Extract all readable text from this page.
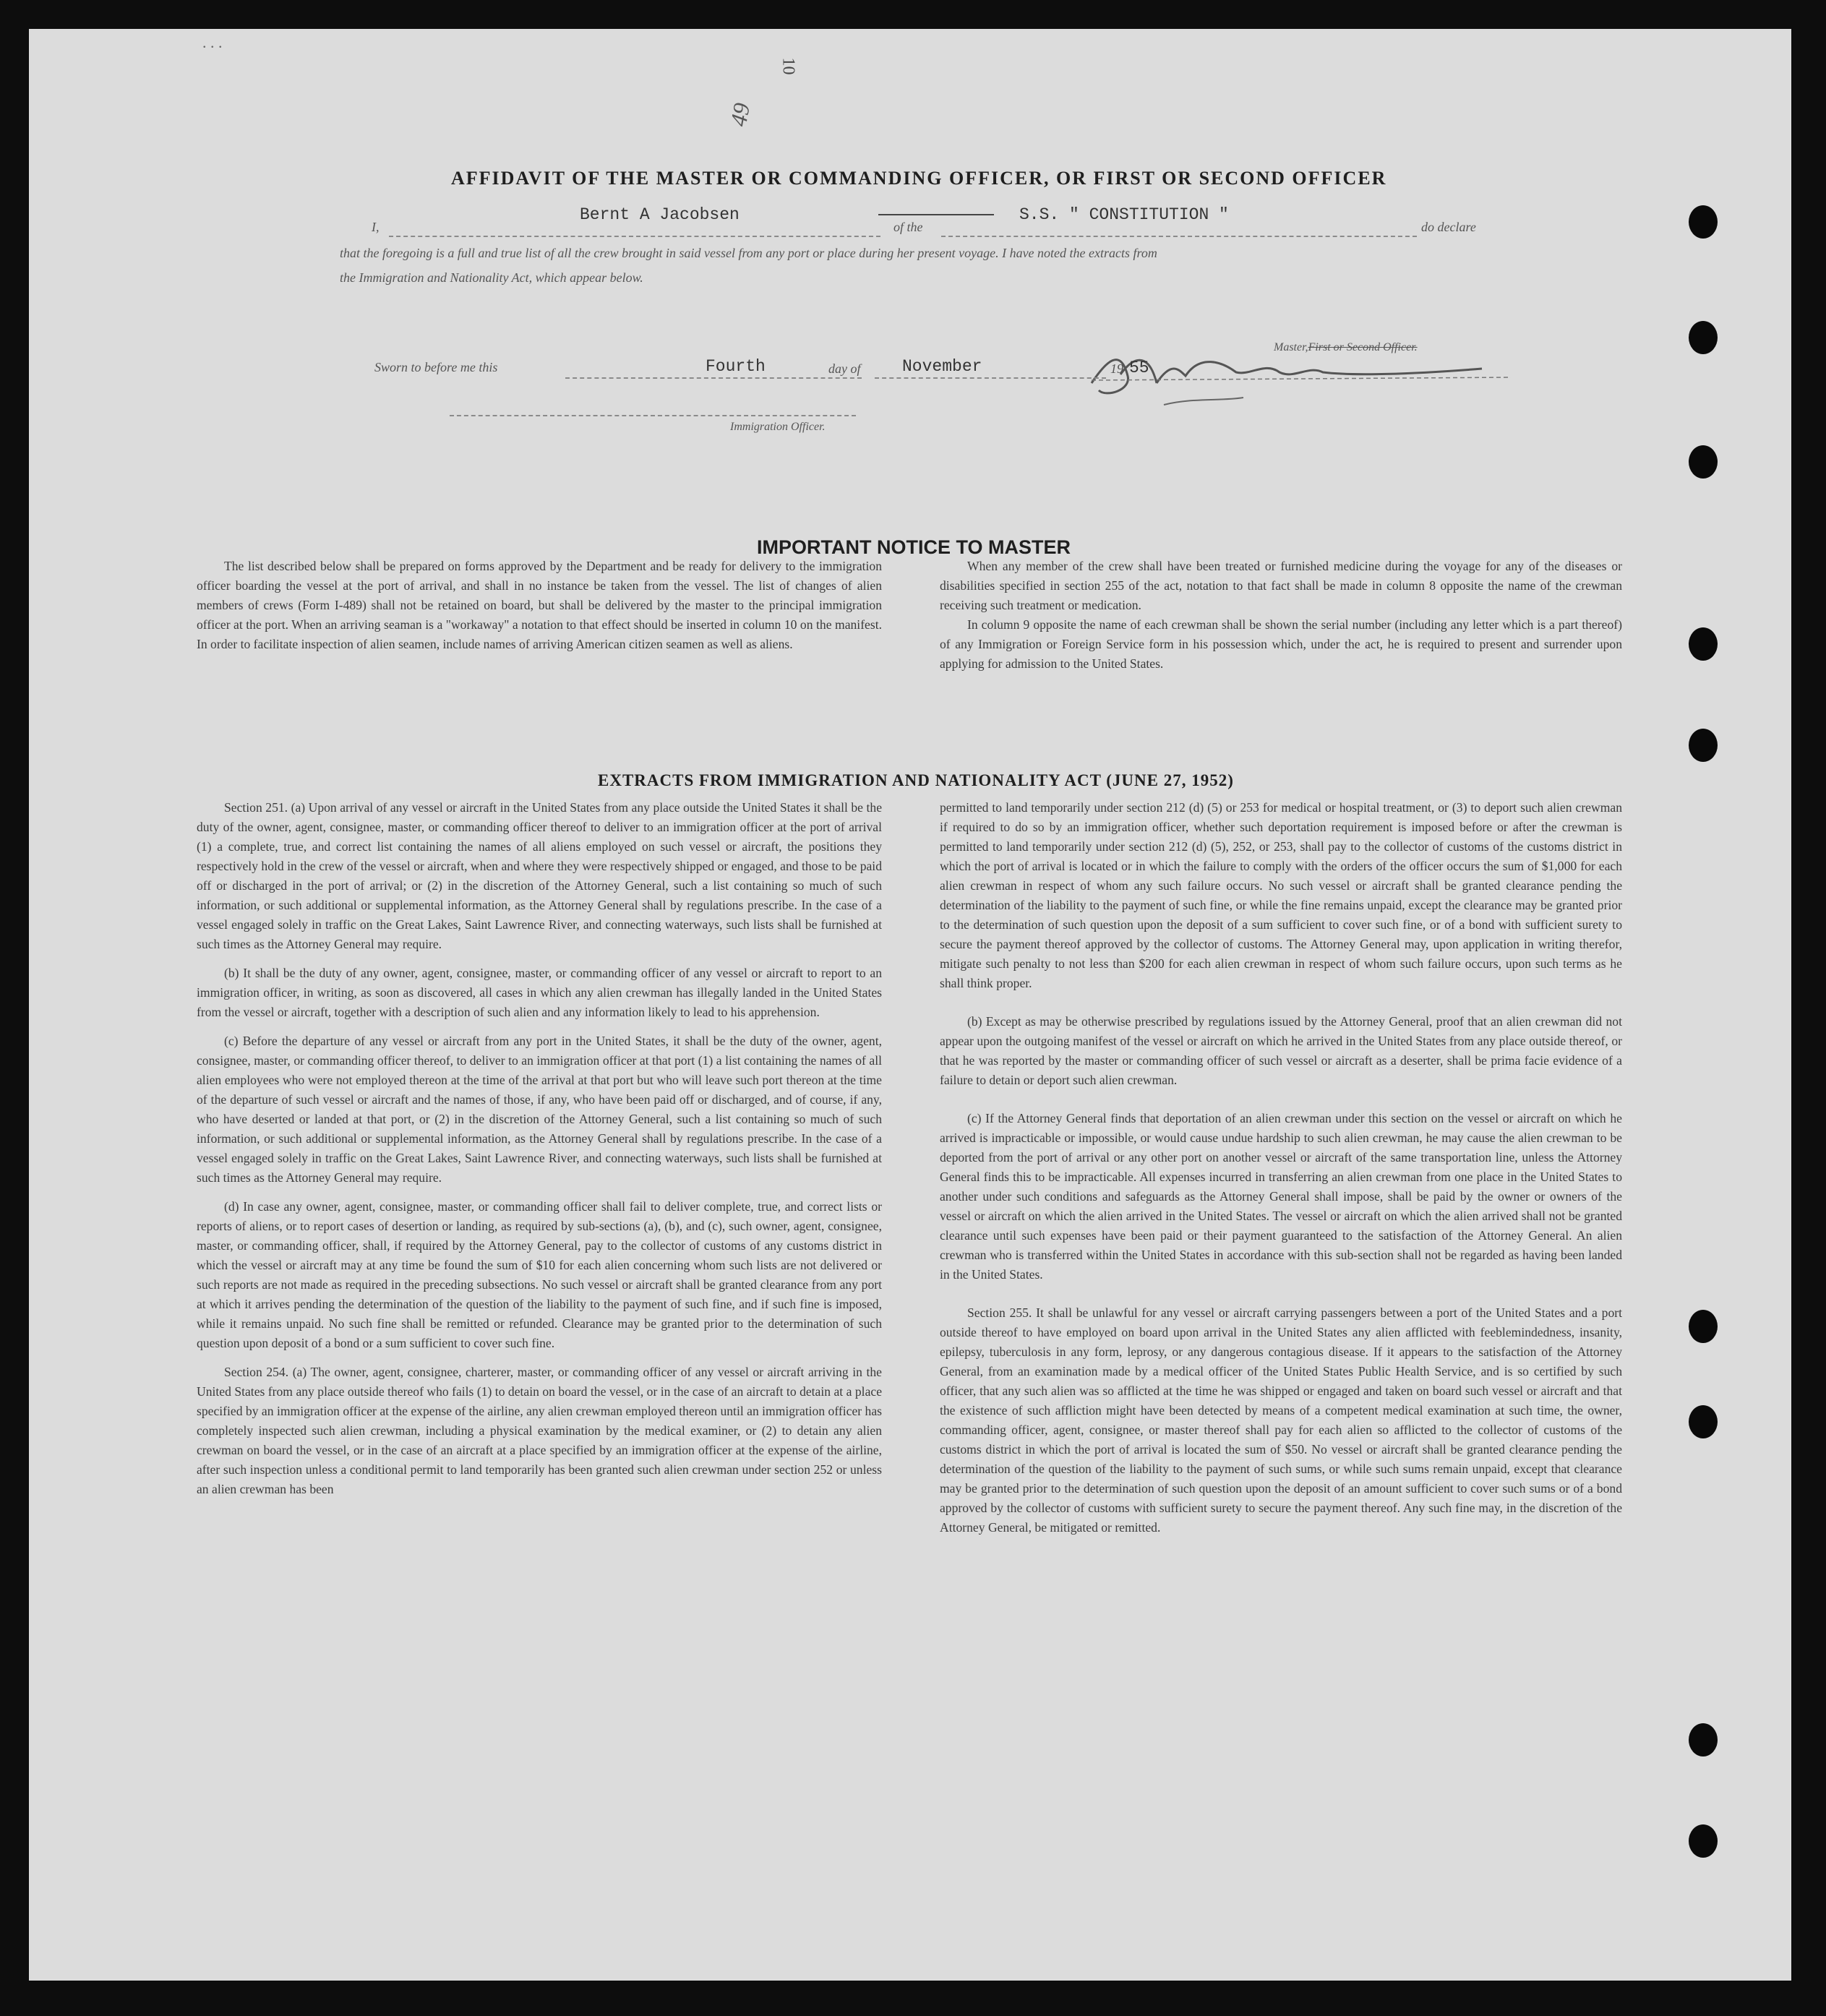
. . .
10
49
AFFIDAVIT OF THE MASTER OR COMMANDING OFFICER, OR FIRST OR SECOND OFFICER
I,
Bernt A Jacobsen
of the
S.S. " CONSTITUTION "
do declare
that the foregoing is a full and true list of all the crew brought in said vessel from any port or place during her present voyage. I have noted the extracts from
the Immigration and Nationality Act, which appear below.
Master,First or Second Officer.
Sworn to before me this	Fourth	day of	November	19 55
Immigration Officer.
IMPORTANT NOTICE TO MASTER

The list described below shall be prepared on forms approved by the Department and be ready for delivery to the immigration officer boarding the vessel at the port of arrival, and shall in no instance be taken from the vessel. The list of changes of alien members of crews (Form I-489) shall not be retained on board, but shall be delivered by the master to the principal immigration officer at the port. When an arriving seaman is a "workaway" a notation to that effect should be inserted in column 10 on the manifest. In order to facilitate inspection of alien seamen, include names of arriving American citizen seamen as well as aliens.

When any member of the crew shall have been treated or furnished medicine during the voyage for any of the diseases or disabilities specified in section 255 of the act, notation to that fact shall be made in column 8 opposite the name of the crewman receiving such treatment or medication.

In column 9 opposite the name of each crewman shall be shown the serial number (including any letter which is a part thereof) of any Immigration or Foreign Service form in his possession which, under the act, he is required to present and surrender upon applying for admission to the United States.

EXTRACTS FROM IMMIGRATION AND NATIONALITY ACT (JUNE 27, 1952)

Section 251. (a) Upon arrival of any vessel or aircraft in the United States from any place outside the United States it shall be the duty of the owner, agent, consignee, master, or commanding officer thereof to deliver to an immigration officer at the port of arrival (1) a complete, true, and correct list containing the names of all aliens employed on such vessel or aircraft, the positions they respectively hold in the crew of the vessel or aircraft, when and where they were respectively shipped or engaged, and those to be paid off or discharged in the port of arrival; or (2) in the discretion of the Attorney General, such a list containing so much of such information, or such additional or supplemental information, as the Attorney General shall by regulations prescribe. In the case of a vessel engaged solely in traffic on the Great Lakes, Saint Lawrence River, and connecting waterways, such lists shall be furnished at such times as the Attorney General may require.

(b) It shall be the duty of any owner, agent, consignee, master, or commanding officer of any vessel or aircraft to report to an immigration officer, in writing, as soon as discovered, all cases in which any alien crewman has illegally landed in the United States from the vessel or aircraft, together with a description of such alien and any information likely to lead to his apprehension.

(c) Before the departure of any vessel or aircraft from any port in the United States, it shall be the duty of the owner, agent, consignee, master, or commanding officer thereof, to deliver to an immigration officer at that port (1) a list containing the names of all alien employees who were not employed thereon at the time of the arrival at that port but who will leave such port thereon at the time of the departure of such vessel or aircraft and the names of those, if any, who have been paid off or discharged, and of course, if any, who have deserted or landed at that port, or (2) in the discretion of the Attorney General, such a list containing so much of such information, or such additional or supplemental information, as the Attorney General shall by regulations prescribe. In the case of a vessel engaged solely in traffic on the Great Lakes, Saint Lawrence River, and connecting waterways, such lists shall be furnished at such times as the Attorney General may require.

(d) In case any owner, agent, consignee, master, or commanding officer shall fail to deliver complete, true, and correct lists or reports of aliens, or to report cases of desertion or landing, as required by sub-sections (a), (b), and (c), such owner, agent, consignee, master, or commanding officer, shall, if required by the Attorney General, pay to the collector of customs of any customs district in which the vessel or aircraft may at any time be found the sum of $10 for each alien concerning whom such lists are not delivered or such reports are not made as required in the preceding subsections. No such vessel or aircraft shall be granted clearance from any port at which it arrives pending the determination of the question of the liability to the payment of such fine, and if such fine is imposed, while it remains unpaid. No such fine shall be remitted or refunded. Clearance may be granted prior to the determination of such question upon deposit of a bond or a sum sufficient to cover such fine.

Section 254. (a) The owner, agent, consignee, charterer, master, or commanding officer of any vessel or aircraft arriving in the United States from any place outside thereof who fails (1) to detain on board the vessel, or in the case of an aircraft to detain at a place specified by an immigration officer at the expense of the airline, any alien crewman employed thereon until an immigration officer has completely inspected such alien crewman, including a physical examination by the medical examiner, or (2) to detain any alien crewman on board the vessel, or in the case of an aircraft at a place specified by an immigration officer at the expense of the airline, after such inspection unless a conditional permit to land temporarily has been granted such alien crewman under section 252 or unless an alien crewman has been

permitted to land temporarily under section 212 (d) (5) or 253 for medical or hospital treatment, or (3) to deport such alien crewman if required to do so by an immigration officer, whether such deportation requirement is imposed before or after the crewman is permitted to land temporarily under section 212 (d) (5), 252, or 253, shall pay to the collector of customs of the customs district in which the port of arrival is located or in which the failure to comply with the orders of the officer occurs the sum of $1,000 for each alien crewman in respect of whom any such failure occurs. No such vessel or aircraft shall be granted clearance pending the determination of the liability to the payment of such fine, or while the fine remains unpaid, except the clearance may be granted prior to the determination of such question upon the deposit of a sum sufficient to cover such fine, or of a bond with sufficient surety to secure the payment thereof approved by the collector of customs. The Attorney General may, upon application in writing therefor, mitigate such penalty to not less than $200 for each alien crewman in respect of whom such failure occurs, upon such terms as he shall think proper.

(b) Except as may be otherwise prescribed by regulations issued by the Attorney General, proof that an alien crewman did not appear upon the outgoing manifest of the vessel or aircraft on which he arrived in the United States from any place outside thereof, or that he was reported by the master or commanding officer of such vessel or aircraft as a deserter, shall be prima facie evidence of a failure to detain or deport such alien crewman.

(c) If the Attorney General finds that deportation of an alien crewman under this section on the vessel or aircraft on which he arrived is impracticable or impossible, or would cause undue hardship to such alien crewman, he may cause the alien crewman to be deported from the port of arrival or any other port on another vessel or aircraft of the same transportation line, unless the Attorney General finds this to be impracticable. All expenses incurred in transferring an alien crewman from one place in the United States to another under such conditions and safeguards as the Attorney General shall impose, shall be paid by the owner or owners of the vessel or aircraft on which the alien arrived in the United States. The vessel or aircraft on which the alien arrived shall not be granted clearance until such expenses have been paid or their payment guaranteed to the satisfaction of the Attorney General. An alien crewman who is transferred within the United States in accordance with this sub-section shall not be regarded as having been landed in the United States.

Section 255. It shall be unlawful for any vessel or aircraft carrying passengers between a port of the United States and a port outside thereof to have employed on board upon arrival in the United States any alien afflicted with feeblemindedness, insanity, epilepsy, tuberculosis in any form, leprosy, or any dangerous contagious disease. If it appears to the satisfaction of the Attorney General, from an examination made by a medical officer of the United States Public Health Service, and is so certified by such officer, that any such alien was so afflicted at the time he was shipped or engaged and taken on board such vessel or aircraft and that the existence of such affliction might have been detected by means of a competent medical examination at such time, the owner, commanding officer, agent, consignee, or master thereof shall pay for each alien so afflicted to the collector of customs of the customs district in which the port of arrival is located the sum of $50. No vessel or aircraft shall be granted clearance pending the determination of the question of the liability to the payment of such sums, or while such sums remain unpaid, except that clearance may be granted prior to the determination of such question upon the deposit of an amount sufficient to cover such sums or of a bond approved by the collector of customs with sufficient surety to secure the payment thereof. Any such fine may, in the discretion of the Attorney General, be mitigated or remitted.
